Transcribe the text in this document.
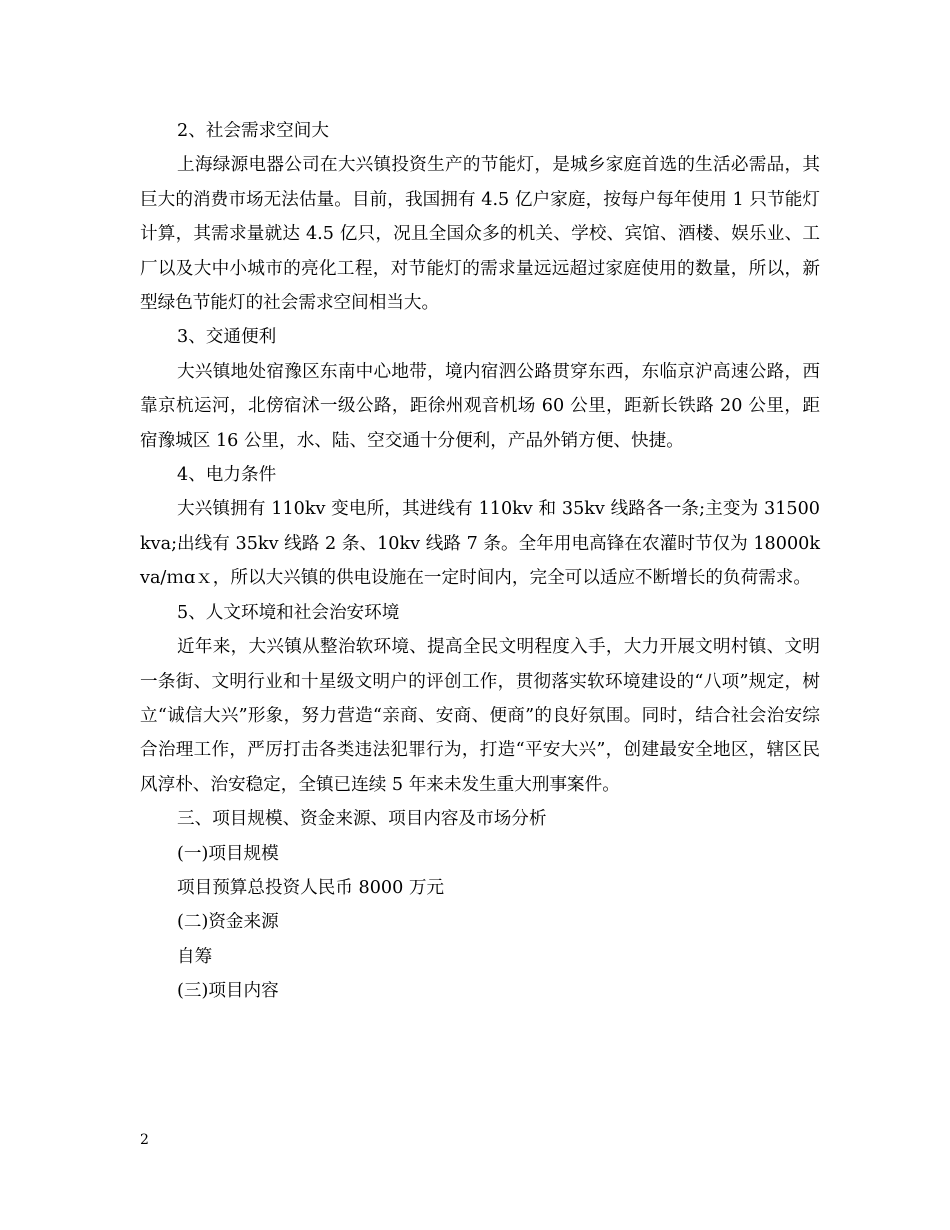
2、社会需求空间大

上海绿源电器公司在大兴镇投资生产的节能灯，是城乡家庭首选的生活必需品，其巨大的消费市场无法估量。目前，我国拥有 4.5 亿户家庭，按每户每年使用 1 只节能灯计算，其需求量就达 4.5 亿只，况且全国众多的机关、学校、宾馆、酒楼、娱乐业、工厂以及大中小城市的亮化工程，对节能灯的需求量远远超过家庭使用的数量，所以，新型绿色节能灯的社会需求空间相当大。

3、交通便利

大兴镇地处宿豫区东南中心地带，境内宿泗公路贯穿东西，东临京沪高速公路，西靠京杭运河，北傍宿沭一级公路，距徐州观音机场 60 公里，距新长铁路 20 公里，距宿豫城区 16 公里，水、陆、空交通十分便利，产品外销方便、快捷。

4、电力条件

大兴镇拥有 110kv 变电所，其进线有 110kv 和 35kv 线路各一条;主变为 31500kva;出线有 35kv 线路 2 条、10kv 线路 7 条。全年用电高锋在农灌时节仅为 18000kva/ｍɑｘ，所以大兴镇的供电设施在一定时间内，完全可以适应不断增长的负荷需求。

5、人文环境和社会治安环境

近年来，大兴镇从整治软环境、提高全民文明程度入手，大力开展文明村镇、文明一条街、文明行业和十星级文明户的评创工作，贯彻落实软环境建设的“八项”规定，树立“诚信大兴”形象，努力营造“亲商、安商、便商”的良好氛围。同时，结合社会治安综合治理工作，严厉打击各类违法犯罪行为，打造“平安大兴”，创建最安全地区，辖区民风淳朴、治安稳定，全镇已连续 5 年来未发生重大刑事案件。

三、项目规模、资金来源、项目内容及市场分析

(一)项目规模

项目预算总投资人民币 8000 万元

(二)资金来源

自筹

(三)项目内容

2
